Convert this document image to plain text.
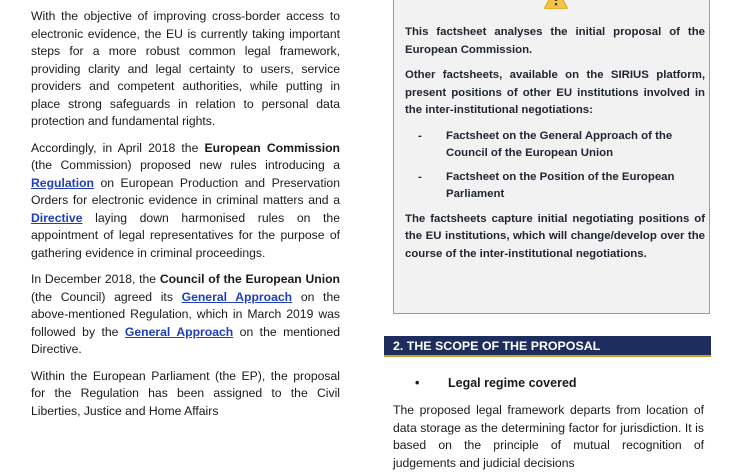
With the objective of improving cross-border access to electronic evidence, the EU is currently taking important steps for a more robust common legal framework, providing clarity and legal certainty to users, service providers and competent authorities, while putting in place strong safeguards in relation to personal data protection and fundamental rights.

Accordingly, in April 2018 the European Commission (the Commission) proposed new rules introducing a Regulation on European Production and Preservation Orders for electronic evidence in criminal matters and a Directive laying down harmonised rules on the appointment of legal representatives for the purpose of gathering evidence in criminal proceedings.

In December 2018, the Council of the European Union (the Council) agreed its General Approach on the above-mentioned Regulation, which in March 2019 was followed by the General Approach on the mentioned Directive.

Within the European Parliament (the EP), the proposal for the Regulation has been assigned to the Civil Liberties, Justice and Home Affairs

This factsheet analyses the initial proposal of the European Commission.

Other factsheets, available on the SIRIUS platform, present positions of other EU institutions involved in the inter-institutional negotiations:

- Factsheet on the General Approach of the Council of the European Union
- Factsheet on the Position of the European Parliament

The factsheets capture initial negotiating positions of the EU institutions, which will change/develop over the course of the inter-institutional negotiations.

2. THE SCOPE OF THE PROPOSAL
• Legal regime covered
The proposed legal framework departs from location of data storage as the determining factor for jurisdiction. It is based on the principle of mutual recognition of judgements and judicial decisions
